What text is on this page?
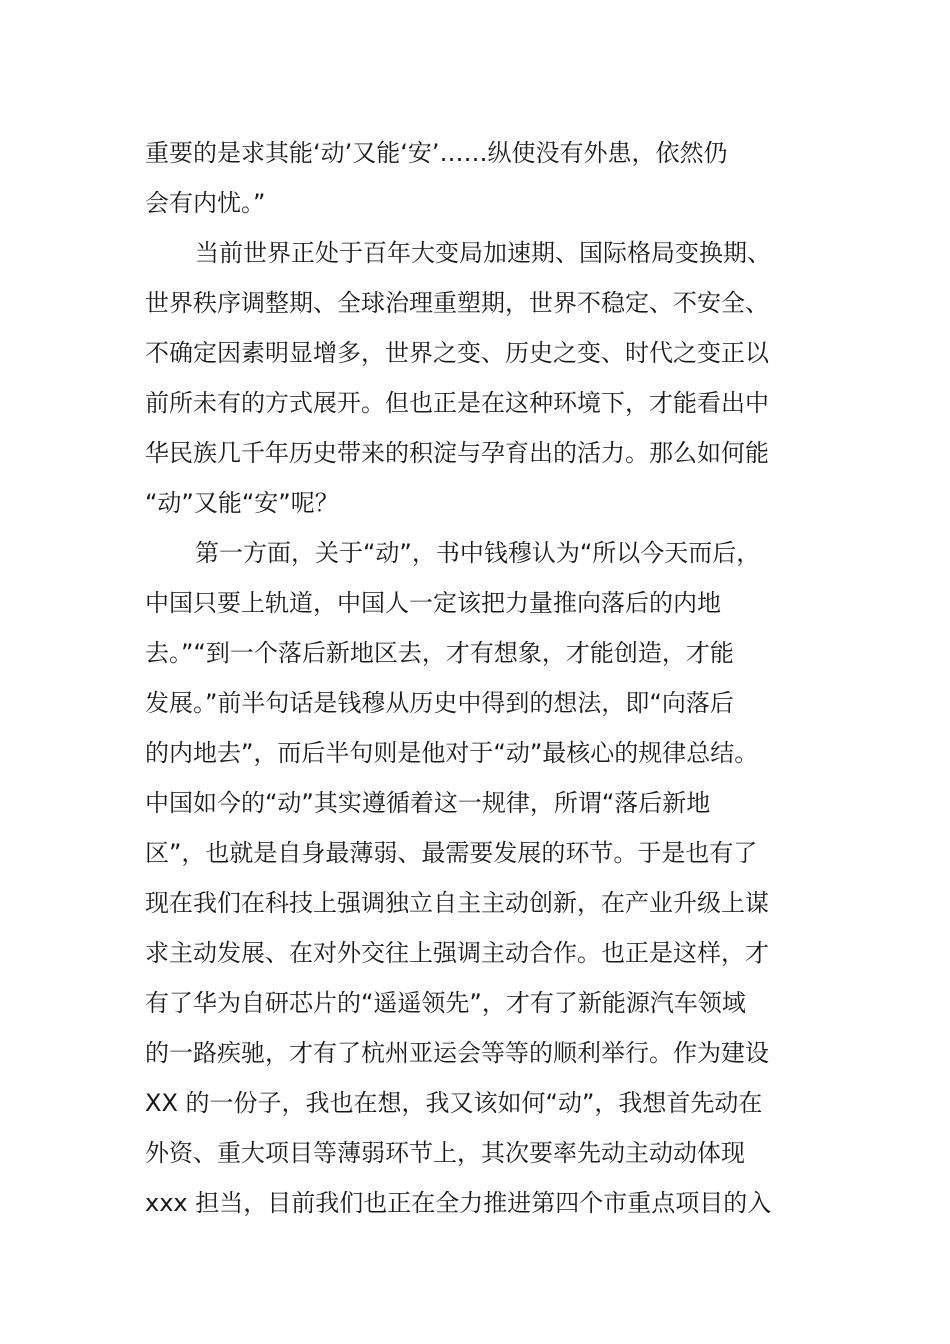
重要的是求其能‘动’又能‘安’……纵使没有外患，依然仍
会有内忧。”
当前世界正处于百年大变局加速期、国际格局变换期、
世界秩序调整期、全球治理重塑期，世界不稳定、不安全、
不确定因素明显增多，世界之变、历史之变、时代之变正以
前所未有的方式展开。但也正是在这种环境下，才能看出中
华民族几千年历史带来的积淀与孕育出的活力。那么如何能
“动”又能“安”呢？
第一方面，关于“动”，书中钱穆认为“所以今天而后，
中国只要上轨道，中国人一定该把力量推向落后的内地
去。”“到一个落后新地区去，才有想象，才能创造，才能
发展。”前半句话是钱穆从历史中得到的想法，即“向落后
的内地去”，而后半句则是他对于“动”最核心的规律总结。
中国如今的“动”其实遵循着这一规律，所谓“落后新地
区”，也就是自身最薄弱、最需要发展的环节。于是也有了
现在我们在科技上强调独立自主主动创新，在产业升级上谋
求主动发展、在对外交往上强调主动合作。也正是这样，才
有了华为自研芯片的“遥遥领先”，才有了新能源汽车领域
的一路疾驰，才有了杭州亚运会等等的顺利举行。作为建设
XX 的一份子，我也在想，我又该如何“动”，我想首先动在
外资、重大项目等薄弱环节上，其次要率先动主动动体现
xxx 担当，目前我们也正在全力推进第四个市重点项目的入
